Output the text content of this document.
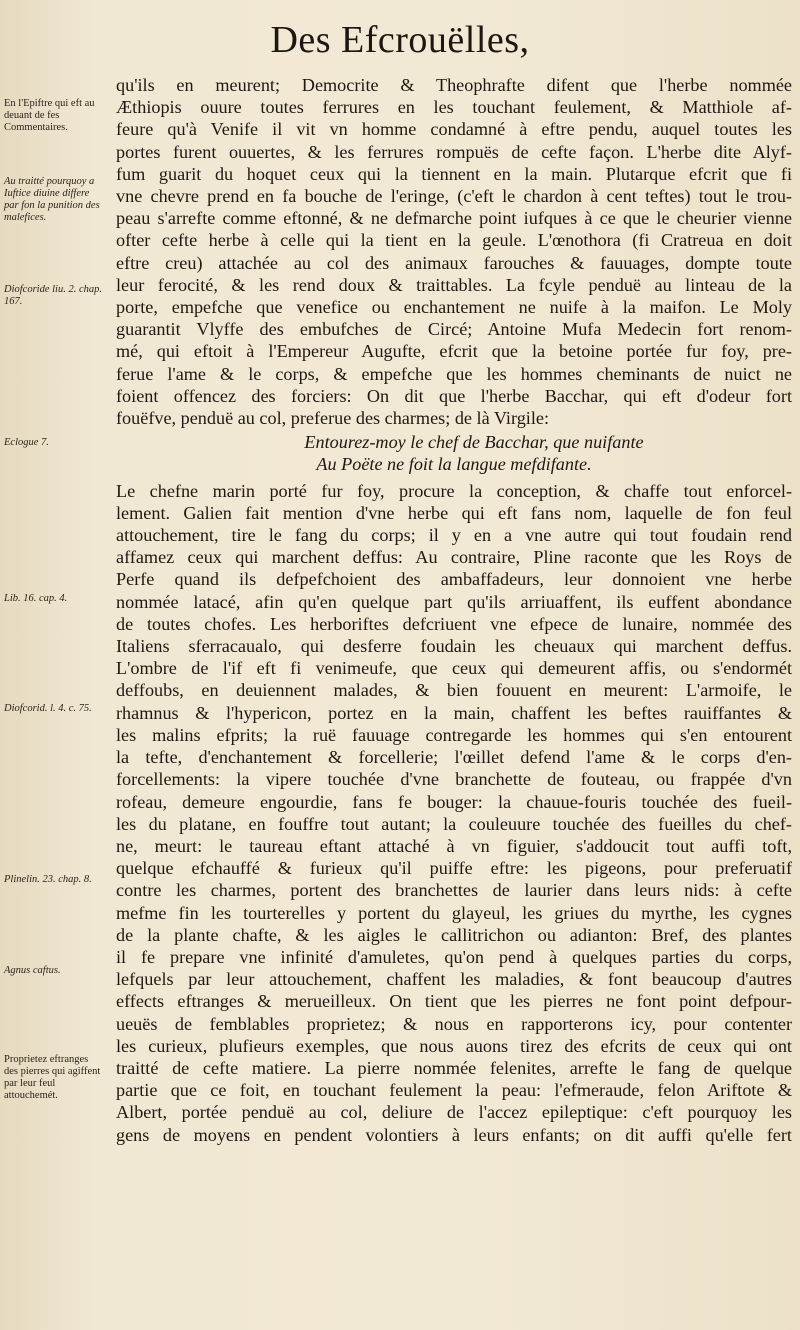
Des Efcrouëlles,
En l'Epiftre qui eft au deuant de fes Commentaires.
Au traitté pourquoy a Iuftice diuine differe par fon la punition des malefices.
Diofcoride liu. 2. chap. 167.
Eclogue 7.
Lib. 16. cap. 4.
Diofcorid. l. 4. c. 75.
Plinelin. 23. chap. 8.
Agnus caftus.
Proprietez eftranges des pierres qui agiffent par leur feul attouchemét.
qu'ils en meurent; Democrite & Theophrafte difent que l'herbe nommée
Æthiopis ouure toutes ferrures en les touchant feulement, & Matthiole af-
feure qu'à Venife il vit vn homme condamné à eftre pendu, auquel toutes les
portes furent ouuertes, & les ferrures rompuës de cefte façon. L'herbe dite Alyf-
fum guarit du hoquet ceux qui la tiennent en la main. Plutarque efcrit que fi
vne chevre prend en fa bouche de l'eringe, (c'eft le chardon à cent teftes) tout le trou-
peau s'arrefte comme eftonné, & ne defmarche point iufques à ce que le cheurier vienne
ofter cefte herbe à celle qui la tient en la geule. L'œnothora (fi Cratreua en doit
eftre creu) attachée au col des animaux farouches & fauuages, dompte toute
leur ferocité, & les rend doux & traittables. La fcyle penduë au linteau de la
porte, empefche que venefice ou enchantement ne nuife à la maifon. Le Moly
guarantit Vlyffe des embufches de Circé; Antoine Mufa Medecin fort renom-
mé, qui eftoit à l'Empereur Augufte, efcrit que la betoine portée fur foy, pre-
ferue l'ame & le corps, & empefche que les hommes cheminants de nuict ne
foient offencez des forciers: On dit que l'herbe Bacchar, qui eft d'odeur fort
fouëfve, penduë au col, preferue des charmes; de là Virgile:
Entourez-moy le chef de Bacchar, que nuifante
Au Poëte ne foit la langue mefdifante.
Le chefne marin porté fur foy, procure la conception, & chaffe tout enforcel-
lement. Galien fait mention d'vne herbe qui eft fans nom, laquelle de fon feul
attouchement, tire le fang du corps; il y en a vne autre qui tout foudain rend
affamez ceux qui marchent deffus: Au contraire, Pline raconte que les Roys de
Perfe quand ils defpefchoient des ambaffadeurs, leur donnoient vne herbe
nommée latacé, afin qu'en quelque part qu'ils arriuaffent, ils euffent abondance
de toutes chofes. Les herboriftes defcriuent vne efpece de lunaire, nommée des
Italiens sferracaualo, qui desferre foudain les cheuaux qui marchent deffus.
L'ombre de l'if eft fi venimeufe, que ceux qui demeurent affis, ou s'endormét
deffoubs, en deuiennent malades, & bien fouuent en meurent: L'armoife, le
rhamnus & l'hypericon, portez en la main, chaffent les beftes rauiffantes &
les malins efprits; la ruë fauuage contregarde les hommes qui s'en entourent
la tefte, d'enchantement & forcellerie; l'œillet defend l'ame & le corps d'en-
forcellements: la vipere touchée d'vne branchette de fouteau, ou frappée d'vn
rofeau, demeure engourdie, fans fe bouger: la chauue-fouris touchée des fueil-
les du platane, en fouffre tout autant; la couleuure touchée des fueilles du chef-
ne, meurt: le taureau eftant attaché à vn figuier, s'addoucit tout auffi toft,
quelque efchauffé & furieux qu'il puiffe eftre: les pigeons, pour preferuatif
contre les charmes, portent des branchettes de laurier dans leurs nids: à cefte
mefme fin les tourterelles y portent du glayeul, les griues du myrthe, les cygnes
de la plante chafte, & les aigles le callitrichon ou adianton: Bref, des plantes
il fe prepare vne infinité d'amuletes, qu'on pend à quelques parties du corps,
lefquels par leur attouchement, chaffent les maladies, & font beaucoup d'autres
effects eftranges & merueilleux. On tient que les pierres ne font point defpour-
ueuës de femblables proprietez; & nous en rapporterons icy, pour contenter
les curieux, plufieurs exemples, que nous auons tirez des efcrits de ceux qui ont
traitté de cefte matiere. La pierre nommée felenites, arrefte le fang de quelque
partie que ce foit, en touchant feulement la peau: l'efmeraude, felon Ariftote &
Albert, portée penduë au col, deliure de l'accez epileptique: c'eft pourquoy les
gens de moyens en pendent volontiers à leurs enfants; on dit auffi qu'elle fert
